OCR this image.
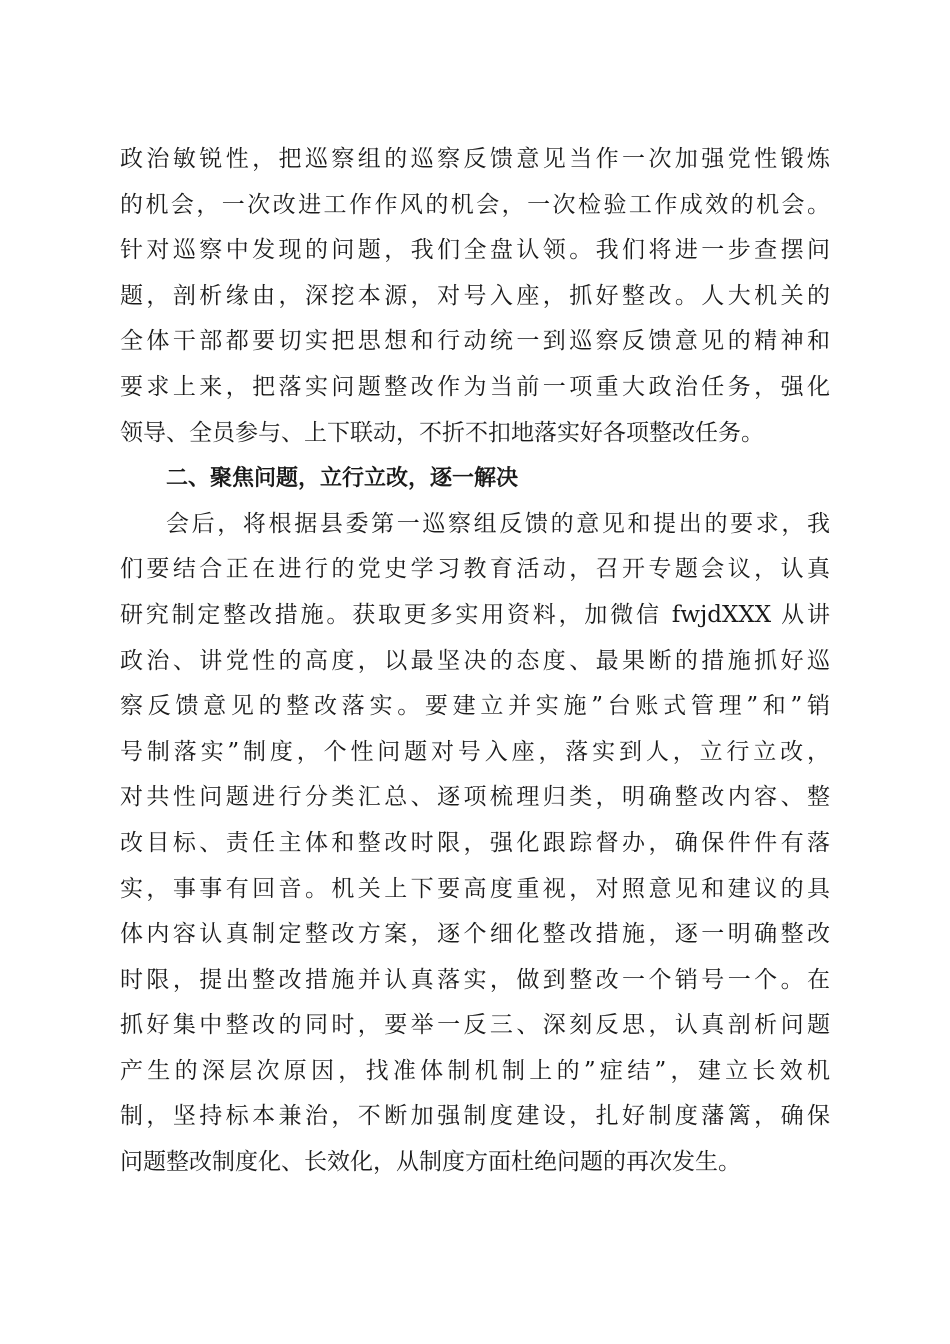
政治敏锐性，把巡察组的巡察反馈意见当作一次加强党性锻炼
的机会，一次改进工作作风的机会，一次检验工作成效的机会。
针对巡察中发现的问题，我们全盘认领。我们将进一步查摆问
题，剖析缘由，深挖本源，对号入座，抓好整改。人大机关的
全体干部都要切实把思想和行动统一到巡察反馈意见的精神和
要求上来，把落实问题整改作为当前一项重大政治任务，强化
领导、全员参与、上下联动，不折不扣地落实好各项整改任务。
二、聚焦问题，立行立改，逐一解决
会后，将根据县委第一巡察组反馈的意见和提出的要求，我
们要结合正在进行的党史学习教育活动，召开专题会议，认真
研究制定整改措施。获取更多实用资料，加微信 fwjdXXX 从讲
政治、讲党性的高度，以最坚决的态度、最果断的措施抓好巡
察反馈意见的整改落实。要建立并实施”台账式管理”和”销
号制落实”制度，个性问题对号入座，落实到人，立行立改，
对共性问题进行分类汇总、逐项梳理归类，明确整改内容、整
改目标、责任主体和整改时限，强化跟踪督办，确保件件有落
实，事事有回音。机关上下要高度重视，对照意见和建议的具
体内容认真制定整改方案，逐个细化整改措施，逐一明确整改
时限，提出整改措施并认真落实，做到整改一个销号一个。在
抓好集中整改的同时，要举一反三、深刻反思，认真剖析问题
产生的深层次原因，找准体制机制上的”症结”，建立长效机
制，坚持标本兼治，不断加强制度建设，扎好制度藩篱，确保
问题整改制度化、长效化，从制度方面杜绝问题的再次发生。
